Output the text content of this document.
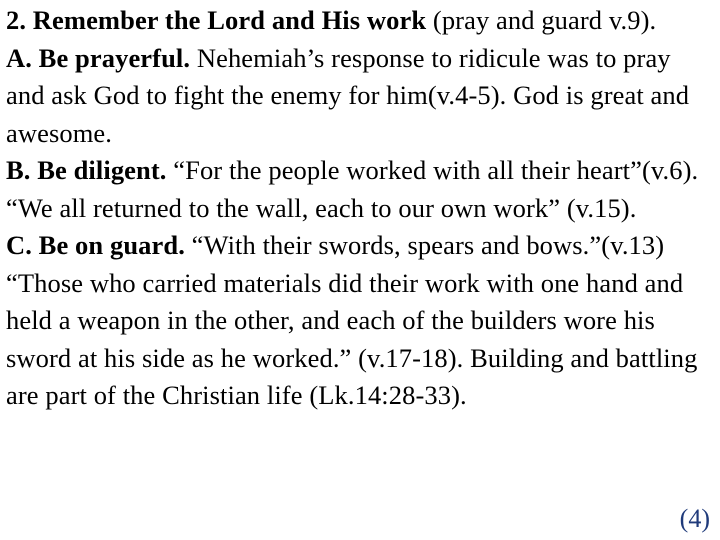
2. Remember the Lord and His work (pray and guard v.9).

A. Be prayerful. Nehemiah’s response to ridicule was to pray and ask God to fight the enemy for him(v.4-5). God is great and awesome.

B. Be diligent. “For the people worked with all their heart”(v.6). “We all returned to the wall, each to our own work” (v.15).

C. Be on guard. “With their swords, spears and bows.”(v.13) “Those who carried materials did their work with one hand and held a weapon in the other, and each of the builders wore his sword at his side as he worked.” (v.17-18). Building and battling are part of the Christian life (Lk.14:28-33).

(4)
